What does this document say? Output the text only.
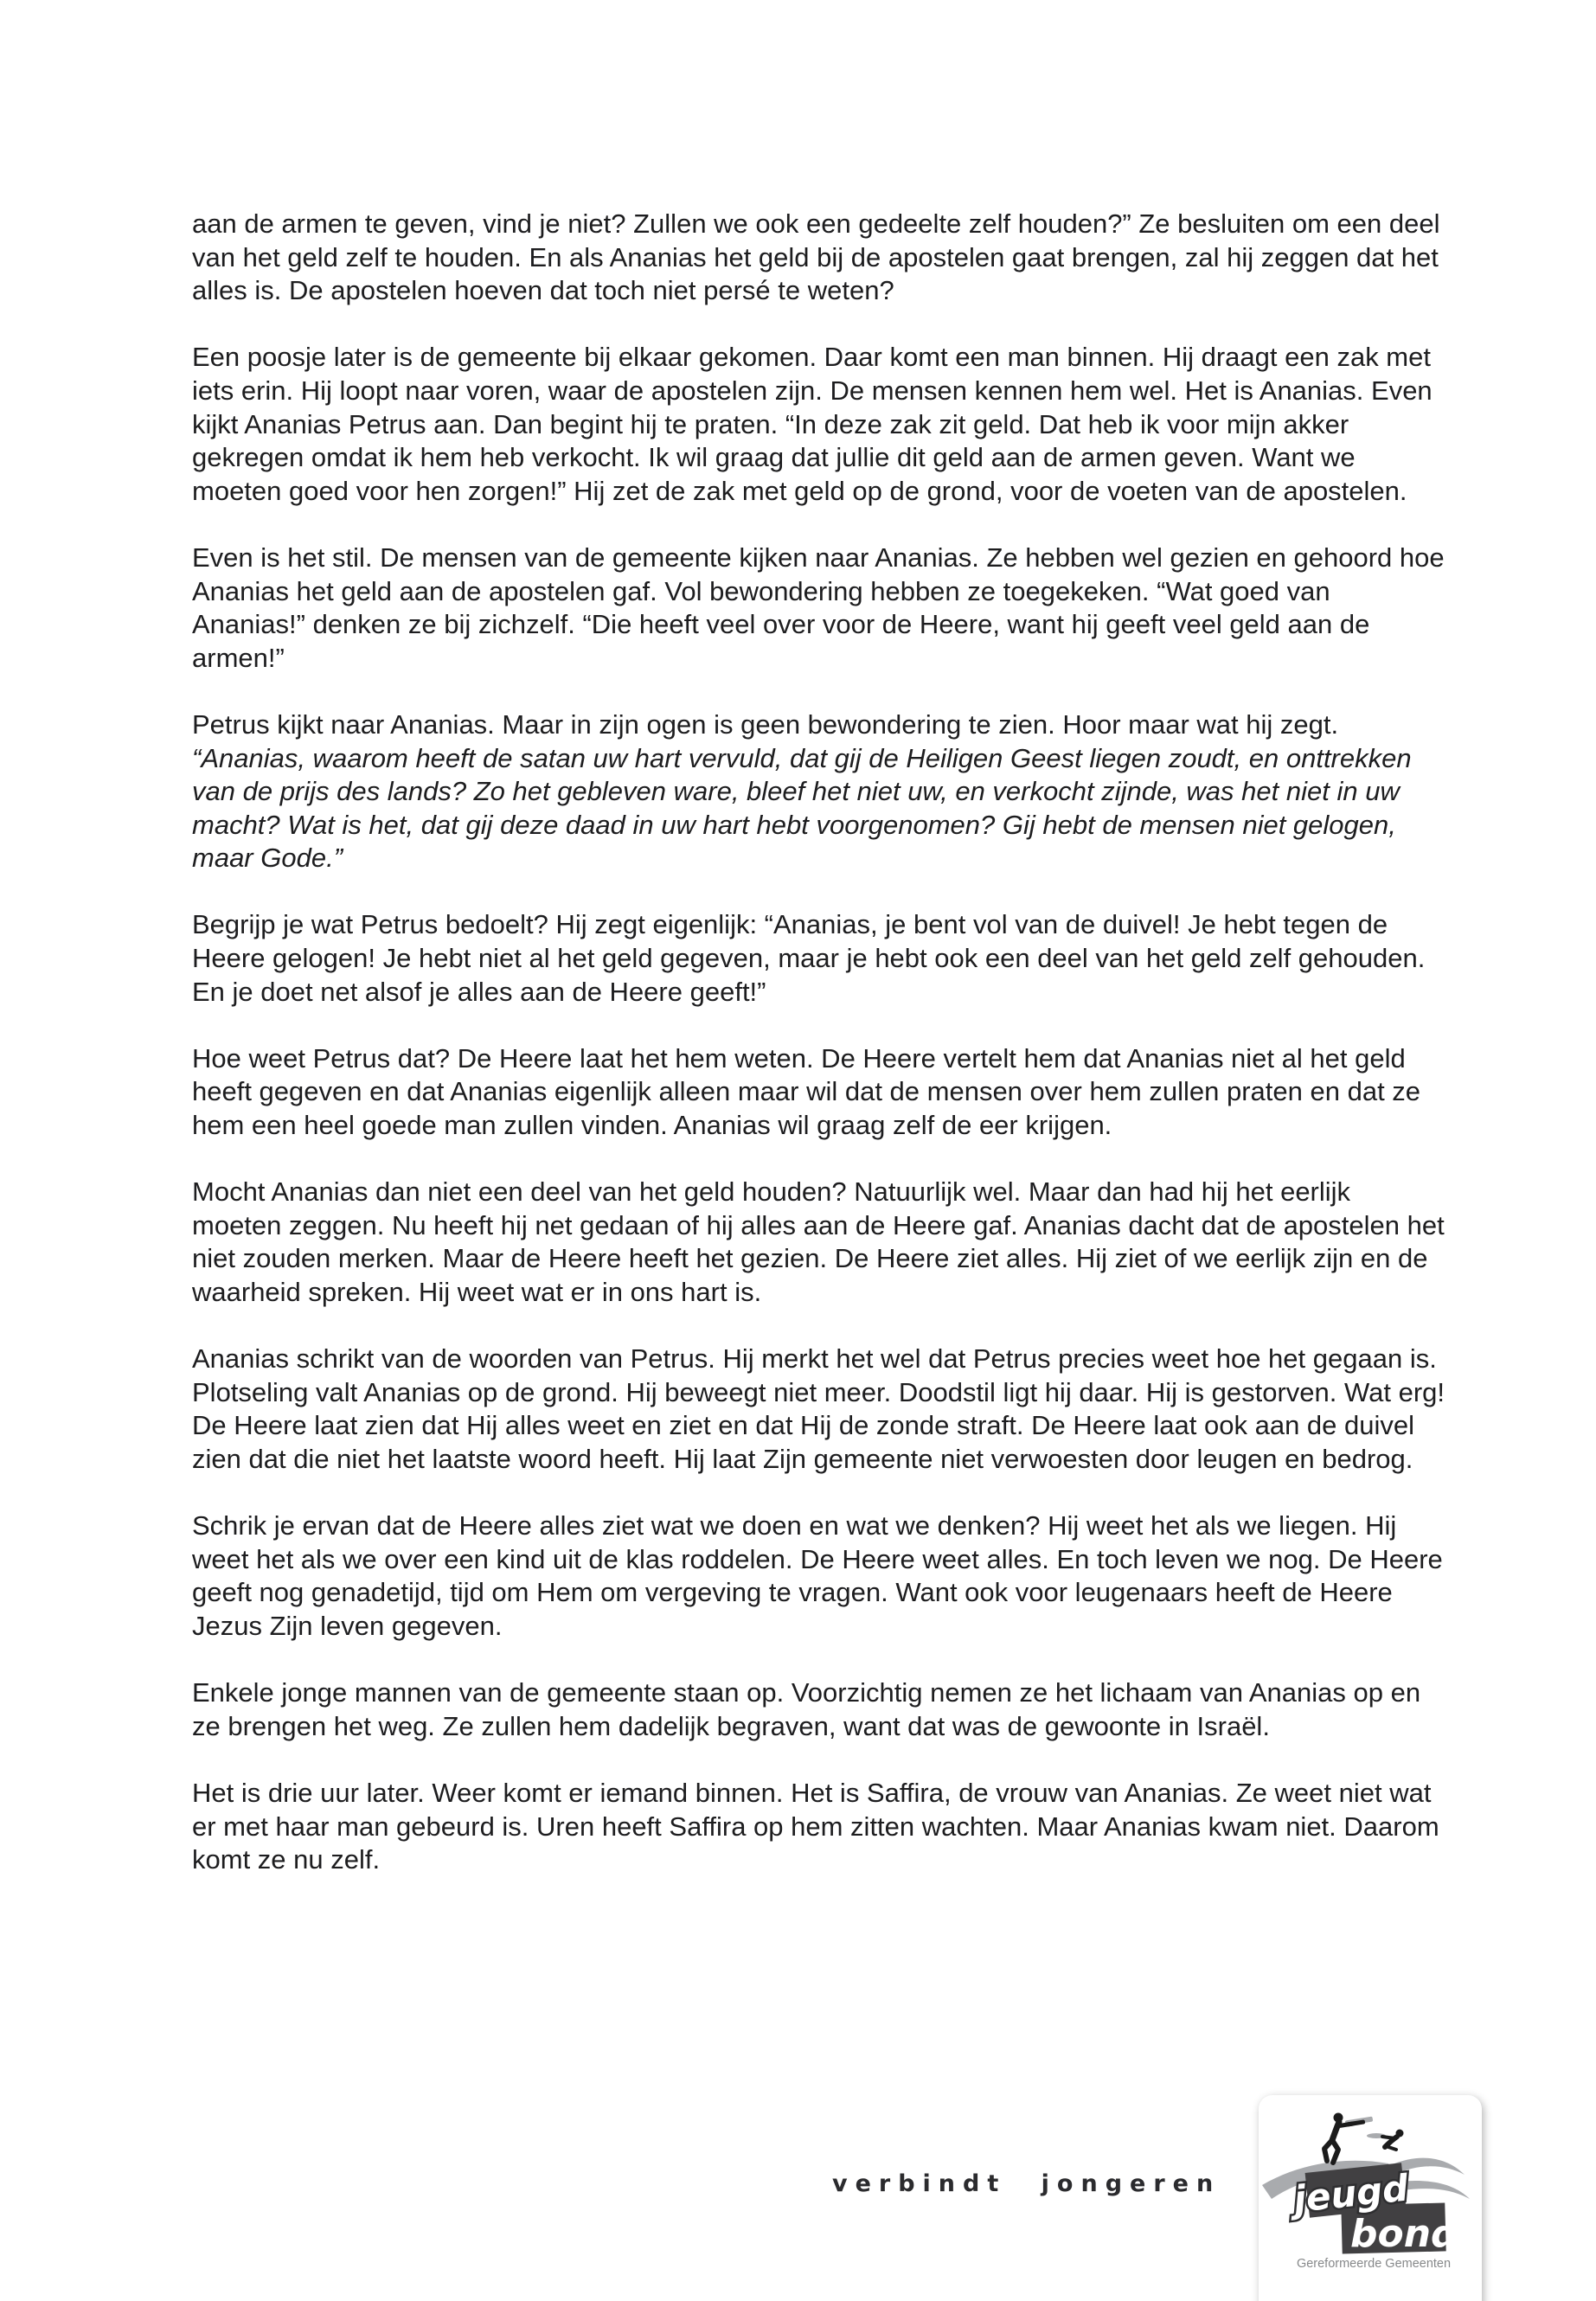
aan de armen te geven, vind je niet? Zullen we ook een gedeelte zelf houden?” Ze besluiten om een deel van het geld zelf te houden. En als Ananias het geld bij de apostelen gaat brengen, zal hij zeggen dat het alles is. De apostelen hoeven dat toch niet persé te weten?

Een poosje later is de gemeente bij elkaar gekomen. Daar komt een man binnen. Hij draagt een zak met iets erin. Hij loopt naar voren, waar de apostelen zijn. De mensen kennen hem wel. Het is Ananias. Even kijkt Ananias Petrus aan. Dan begint hij te praten. “In deze zak zit geld. Dat heb ik voor mijn akker gekregen omdat ik hem heb verkocht. Ik wil graag dat jullie dit geld aan de armen geven. Want we moeten goed voor hen zorgen!” Hij zet de zak met geld op de grond, voor de voeten van de apostelen.

Even is het stil. De mensen van de gemeente kijken naar Ananias. Ze hebben wel gezien en gehoord hoe Ananias het geld aan de apostelen gaf. Vol bewondering hebben ze toegekeken. “Wat goed van Ananias!” denken ze bij zichzelf. “Die heeft veel over voor de Heere, want hij geeft veel geld aan de armen!”

Petrus kijkt naar Ananias. Maar in zijn ogen is geen bewondering te zien. Hoor maar wat hij zegt. “Ananias, waarom heeft de satan uw hart vervuld, dat gij de Heiligen Geest liegen zoudt, en onttrekken van de prijs des lands? Zo het gebleven ware, bleef het niet uw, en verkocht zijnde, was het niet in uw macht? Wat is het, dat gij deze daad in uw hart hebt voorgenomen? Gij hebt de mensen niet gelogen, maar Gode.”

Begrijp je wat Petrus bedoelt? Hij zegt eigenlijk: “Ananias, je bent vol van de duivel! Je hebt tegen de Heere gelogen! Je hebt niet al het geld gegeven, maar je hebt ook een deel van het geld zelf gehouden. En je doet net alsof je alles aan de Heere geeft!”

Hoe weet Petrus dat? De Heere laat het hem weten. De Heere vertelt hem dat Ananias niet al het geld heeft gegeven en dat Ananias eigenlijk alleen maar wil dat de mensen over hem zullen praten en dat ze hem een heel goede man zullen vinden. Ananias wil graag zelf de eer krijgen.

Mocht Ananias dan niet een deel van het geld houden? Natuurlijk wel. Maar dan had hij het eerlijk moeten zeggen. Nu heeft hij net gedaan of hij alles aan de Heere gaf. Ananias dacht dat de apostelen het niet zouden merken. Maar de Heere heeft het gezien. De Heere ziet alles. Hij ziet of we eerlijk zijn en de waarheid spreken. Hij weet wat er in ons hart is.

Ananias schrikt van de woorden van Petrus. Hij merkt het wel dat Petrus precies weet hoe het gegaan is. Plotseling valt Ananias op de grond. Hij beweegt niet meer. Doodstil ligt hij daar. Hij is gestorven. Wat erg! De Heere laat zien dat Hij alles weet en ziet en dat Hij de zonde straft. De Heere laat ook aan de duivel zien dat die niet het laatste woord heeft. Hij laat Zijn gemeente niet verwoesten door leugen en bedrog.

Schrik je ervan dat de Heere alles ziet wat we doen en wat we denken? Hij weet het als we liegen. Hij weet het als we over een kind uit de klas roddelen. De Heere weet alles. En toch leven we nog. De Heere geeft nog genadetijd, tijd om Hem om vergeving te vragen. Want ook voor leugenaars heeft de Heere Jezus Zijn leven gegeven.

Enkele jonge mannen van de gemeente staan op. Voorzichtig nemen ze het lichaam van Ananias op en ze brengen het weg. Ze zullen hem dadelijk begraven, want dat was de gewoonte in Israël.

Het is drie uur later. Weer komt er iemand binnen. Het is Saffira, de vrouw van Ananias. Ze weet niet wat er met haar man gebeurd is. Uren heeft Saffira op hem zitten wachten. Maar Ananias kwam niet. Daarom komt ze nu zelf.

verbindt jongeren jeugd
bond
Gereformeerde Gemeenten
